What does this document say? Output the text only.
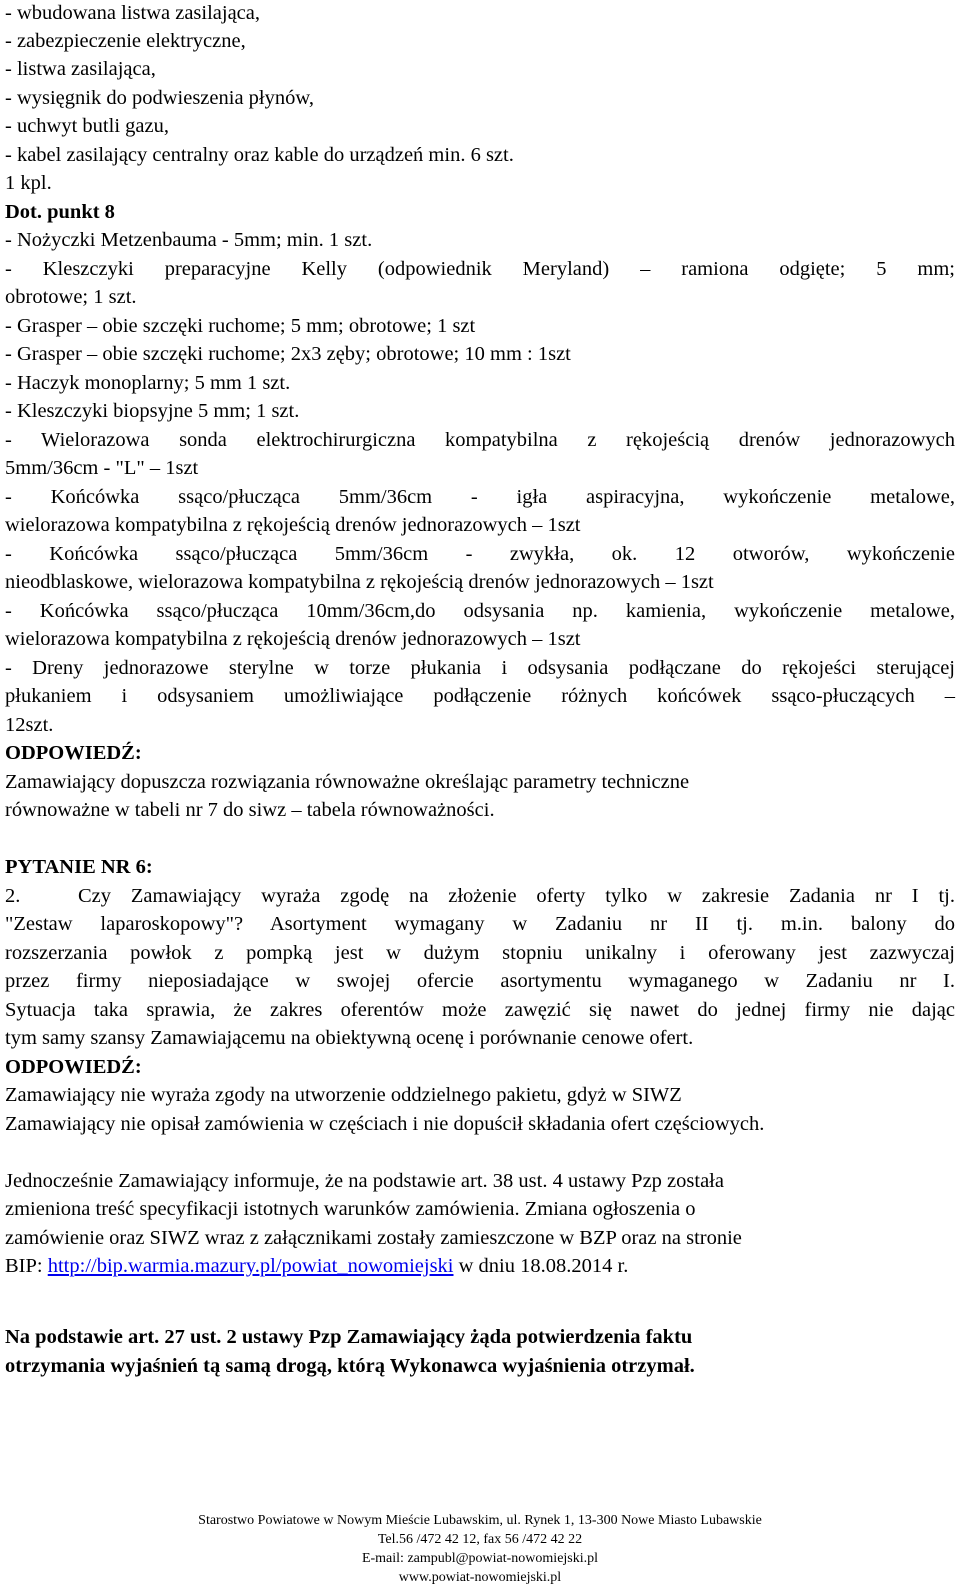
- wbudowana listwa zasilająca,
- zabezpieczenie elektryczne,
- listwa zasilająca,
- wysięgnik do podwieszenia płynów,
- uchwyt butli gazu,
- kabel zasilający centralny oraz kable do urządzeń min. 6 szt.
1 kpl.
Dot. punkt 8
- Nożyczki Metzenbauma - 5mm; min. 1 szt.
- Kleszczyki preparacyjne Kelly (odpowiednik Meryland) – ramiona odgięte; 5 mm;
obrotowe; 1 szt.
- Grasper – obie szczęki ruchome; 5 mm; obrotowe; 1 szt
- Grasper – obie szczęki ruchome; 2x3 zęby; obrotowe; 10 mm : 1szt
- Haczyk monoplarny; 5 mm 1 szt.
- Kleszczyki biopsyjne 5 mm; 1 szt.
- Wielorazowa sonda elektrochirurgiczna kompatybilna z rękojeścią drenów jednorazowych
5mm/36cm - "L" – 1szt
- Końcówka ssąco/płucząca 5mm/36cm - igła aspiracyjna, wykończenie metalowe,
wielorazowa kompatybilna z rękojeścią drenów jednorazowych – 1szt
- Końcówka ssąco/płucząca 5mm/36cm - zwykła, ok. 12 otworów, wykończenie
nieodblaskowe, wielorazowa kompatybilna z rękojeścią drenów jednorazowych – 1szt
- Końcówka ssąco/płucząca 10mm/36cm,do odsysania np. kamienia, wykończenie metalowe,
wielorazowa kompatybilna z rękojeścią drenów jednorazowych – 1szt
- Dreny jednorazowe sterylne w torze płukania i odsysania podłączane do rękojeści sterującej
płukaniem i odsysaniem umożliwiające podłączenie różnych końcówek ssąco-płuczących –
12szt.
ODPOWIEDŹ:
Zamawiający dopuszcza rozwiązania równoważne określając parametry techniczne
równoważne w tabeli nr 7 do siwz – tabela równoważności.
PYTANIE NR 6:
2.	Czy Zamawiający wyraża zgodę na złożenie oferty tylko w zakresie Zadania nr I tj.
"Zestaw laparoskopowy"? Asortyment wymagany w Zadaniu nr II tj. m.in. balony do
rozszerzania powłok z pompką jest w dużym stopniu unikalny i oferowany jest zazwyczaj
przez firmy nieposiadające w swojej ofercie asortymentu wymaganego w Zadaniu nr I.
Sytuacja taka sprawia, że zakres oferentów może zawęzić się nawet do jednej firmy nie dając
tym samy szansy Zamawiającemu na obiektywną ocenę i porównanie cenowe ofert.
ODPOWIEDŹ:
Zamawiający nie wyraża zgody na utworzenie oddzielnego pakietu, gdyż w SIWZ
Zamawiający nie opisał zamówienia w częściach i nie dopuścił składania ofert częściowych.
Jednocześnie Zamawiający informuje, że na podstawie art. 38 ust. 4 ustawy Pzp została
zmieniona treść specyfikacji istotnych warunków zamówienia. Zmiana ogłoszenia o
zamówienie oraz SIWZ wraz z załącznikami zostały zamieszczone w BZP oraz na stronie
BIP: http://bip.warmia.mazury.pl/powiat_nowomiejski w dniu 18.08.2014 r.
Na podstawie art. 27 ust. 2 ustawy Pzp Zamawiający żąda potwierdzenia faktu
otrzymania wyjaśnień tą samą drogą, którą Wykonawca wyjaśnienia otrzymał.
Starostwo Powiatowe w Nowym Mieście Lubawskim, ul. Rynek 1, 13-300 Nowe Miasto Lubawskie
Tel.56 /472 42 12, fax 56 /472 42 22
E-mail: zampubl@powiat-nowomiejski.pl
www.powiat-nowomiejski.pl
